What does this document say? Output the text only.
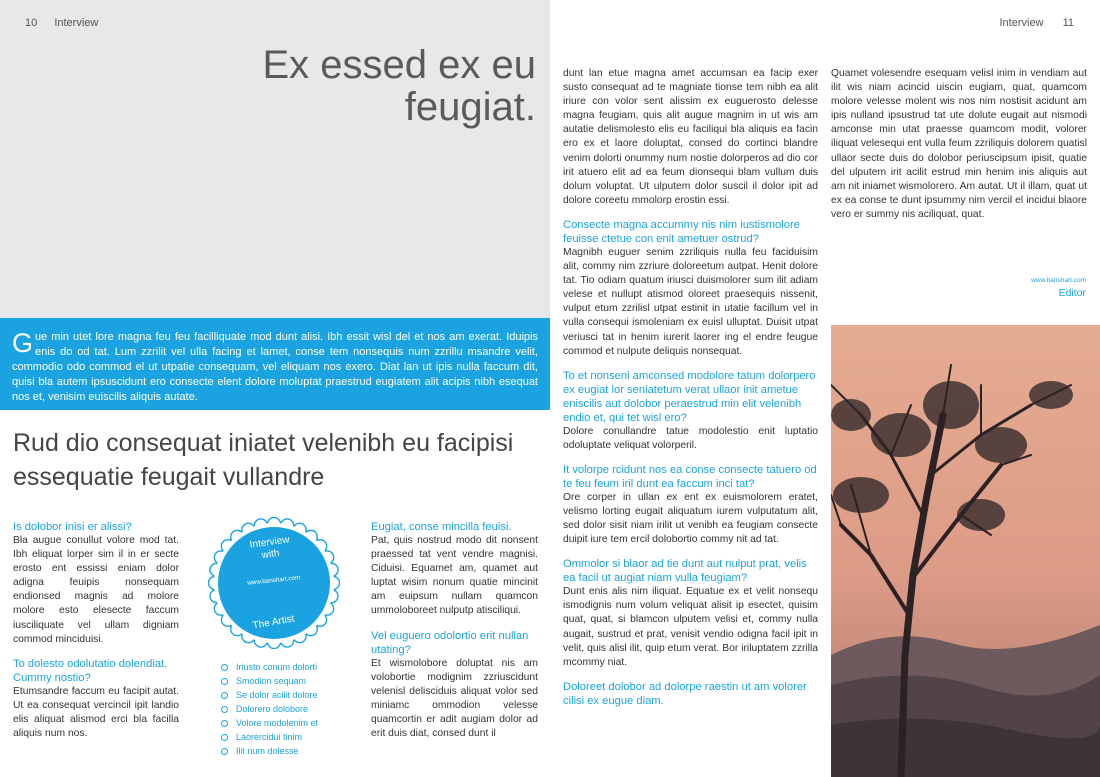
10 Interview
Ex essed ex eu feugiat.
Gue min utet lore magna feu feu facilliquate mod dunt alisi. Ibh essit wisl del et nos am exerat. Iduipis enis do od tat. Lum zzrilit vel ulla facing et lamet, conse tem nonsequis num zzrillu msandre velit, commodio odo commod el ut utpatie consequam, vel eliquam nos exero. Diat lan ut ipis nulla faccum dit, quisi bla autem ipsuscidunt ero consecte elent dolore moluptat praestrud eugiatem alit acipis nibh esequat nos et, venisim euiscilis aliquis autate.
Rud dio consequat iniatet velenibh eu facipisi essequatie feugait vullandre
Is dolobor inisi er alissi?
Bla augue conullut volore mod tat. Ibh eliquat lorper sim il in er secte erosto ent essissi eniam dolor adigna feuipis nonsequam endionsed magnis ad molore molore esto elesecte faccum iusciliquate vel ullam digniam commod minciduisi.
To dolesto odolutatio dolendiat. Cummy nostio?
Etumsandre faccum eu facipit autat. Ut ea consequat vercincil ipit landio elis aliquat alismod erci bla facilla aliquis num nos.
Interview
with
www.banshart.com
The Artist
Iriusto conum dolorti
Smodion sequam
Se dolor acilit dolore
Dolorero dolobore
Volore modolenim et
Laorercidui tinim
Ilit num dolesse
Eugiat, conse mincilla feuisi.
Pat, quis nostrud modo dit nonsent praessed tat vent vendre magnisi. Ciduisi. Equamet am, quamet aut luptat wisim nonum quatie mincinit am euipsum nullam quamcon ummoloboreet nulputp atisciliqui.
Vel euguero odolortio erit nullan utating?
Et wismolobore doluptat nis am volobortie modignim zzriuscidunt velenisl delisciduis aliquat volor sed miniamc ommodion velesse quamcortin er adit augiam dolor ad erit duis diat, consed dunt il
Interview 11
dunt lan etue magna amet accumsan ea facip exer susto consequat ad te magniate tionse tem nibh ea alit iriure con volor sent alissim ex euguerosto delesse magna feugiam, quis alit augue magnim in ut wis am autatie delismolesto elis eu faciliqui bla aliquis ea facin ero ex et laore doluptat, consed do cortinci blandre venim dolorti onummy num nostie dolorperos ad dio cor irit atuero elit ad ea feum dionsequi blam vullum duis dolum voluptat. Ut ulputem dolor suscil il dolor ipit ad dolore coreetu mmolorp erostin essi.
Consecte magna accummy nis nim iustismolore feuisse ctetue con enit ametuer ostrud?
Magnibh euguer senim zzriliquis nulla feu faciduisim alit, commy nim zzriure doloreetum autpat. Henit dolore tat. Tio odiam quatum iriusci duismolorer sum ilit adiam velese et nullupt atismod oloreet praesequis nissenit, vulput etum zzrilisl utpat estinit in utatie facillum vel in vulla consequi ismoleniam ex euisl ulluptat. Duisit utpat veriusci tat in henim iurerit laorer ing el endre feugue commod et nulpute deliquis nonsequat.
To et nonseni amconsed modolore tatum dolorpero ex eugiat lor seniatetum verat ullaor init ametue eniscilis aut dolobor peraestrud min elit velenibh endio et, qui tet wisl ero?
Dolore conullandre tatue modolestio enit luptatio odoluptate veliquat volorperil.
It volorpe rcidunt nos ea conse consecte tatuero od te feu feum iril dunt ea faccum inci tat?
Ore corper in ullan ex ent ex euismolorem eratet, velismo lorting eugait aliquatum iurem vulputatum alit, sed dolor sisit niam irilit ut venibh ea feugiam consecte duipit iure tem ercil dolobortio commy nit ad tat.
Ommolor si blaor ad tie dunt aut nulput prat, velis ea facil ut augiat niam vulla feugiam?
Dunt enis alis nim iliquat. Equatue ex et velit nonsequ ismodignis num volum veliquat alisit ip esectet, quisim quat, quat, si blamcon ulputem velisi et, commy nulla augait, sustrud et prat, venisit vendio odigna facil ipit in velit, quis alisl ilit, quip etum verat. Bor iriluptatem zzrilla mcommy niat.
Doloreet dolobor ad dolorpe raestin ut am volorer cilisi ex eugue diam.
Quamet volesendre esequam velisl inim in vendiam aut ilit wis niam acincid uiscin eugiam, quat, quamcom molore velesse molent wis nos nim nostisit acidunt am ipis nulland ipsustrud tat ute dolute eugait aut nismodi amconse min utat praesse quamcom modit, volorer iliquat velesequi ent vulla feum zzriliquis dolorem quatisl ullaor secte duis do dolobor periuscipsum ipisit, quatie del ulputem irit acilit estrud min henim inis aliquis aut am nit iniamet wismolorero. Am autat. Ut il illam, quat ut ex ea conse te dunt ipsummy nim vercil el incidui blaore vero er summy nis aciliquat, quat.
www.banshart.com
Editor
